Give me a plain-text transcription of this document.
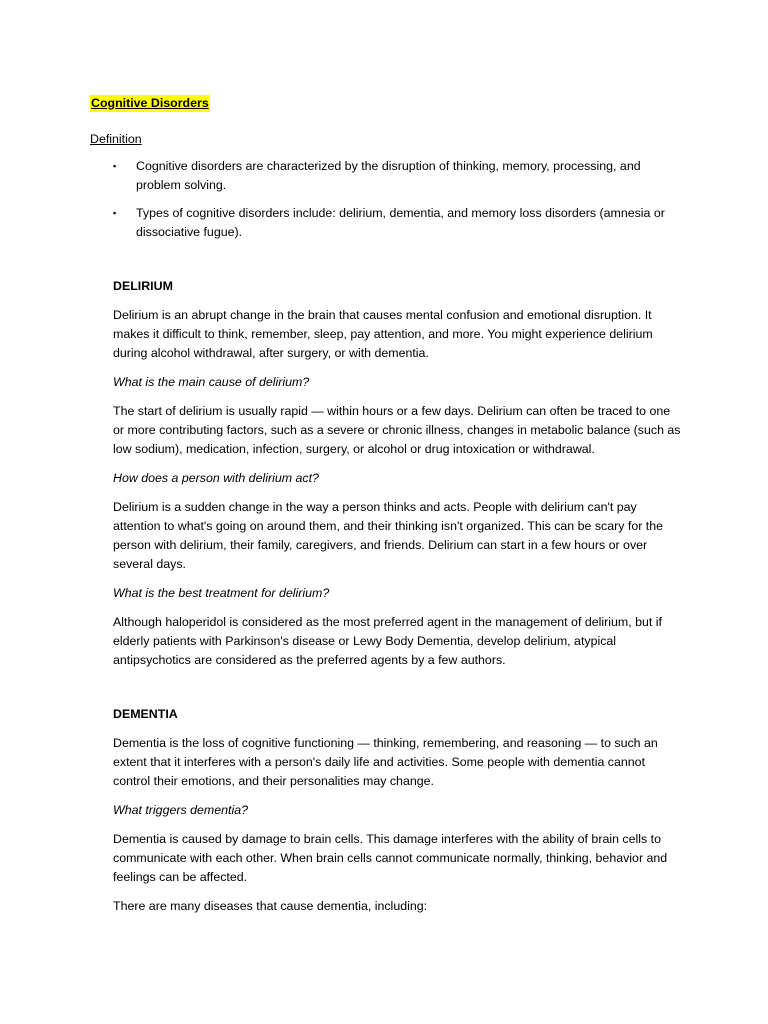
Cognitive Disorders
Definition
▪ Cognitive disorders are characterized by the disruption of thinking, memory, processing, and problem solving.
▪ Types of cognitive disorders include: delirium, dementia, and memory loss disorders (amnesia or dissociative fugue).
DELIRIUM

Delirium is an abrupt change in the brain that causes mental confusion and emotional disruption. It makes it difficult to think, remember, sleep, pay attention, and more. You might experience delirium during alcohol withdrawal, after surgery, or with dementia.

What is the main cause of delirium?

The start of delirium is usually rapid — within hours or a few days. Delirium can often be traced to one or more contributing factors, such as a severe or chronic illness, changes in metabolic balance (such as low sodium), medication, infection, surgery, or alcohol or drug intoxication or withdrawal.

How does a person with delirium act?

Delirium is a sudden change in the way a person thinks and acts. People with delirium can't pay attention to what's going on around them, and their thinking isn't organized. This can be scary for the person with delirium, their family, caregivers, and friends. Delirium can start in a few hours or over several days.

What is the best treatment for delirium?

Although haloperidol is considered as the most preferred agent in the management of delirium, but if elderly patients with Parkinson's disease or Lewy Body Dementia, develop delirium, atypical antipsychotics are considered as the preferred agents by a few authors.

DEMENTIA

Dementia is the loss of cognitive functioning — thinking, remembering, and reasoning — to such an extent that it interferes with a person's daily life and activities. Some people with dementia cannot control their emotions, and their personalities may change.

What triggers dementia?

Dementia is caused by damage to brain cells. This damage interferes with the ability of brain cells to communicate with each other. When brain cells cannot communicate normally, thinking, behavior and feelings can be affected.

There are many diseases that cause dementia, including:
